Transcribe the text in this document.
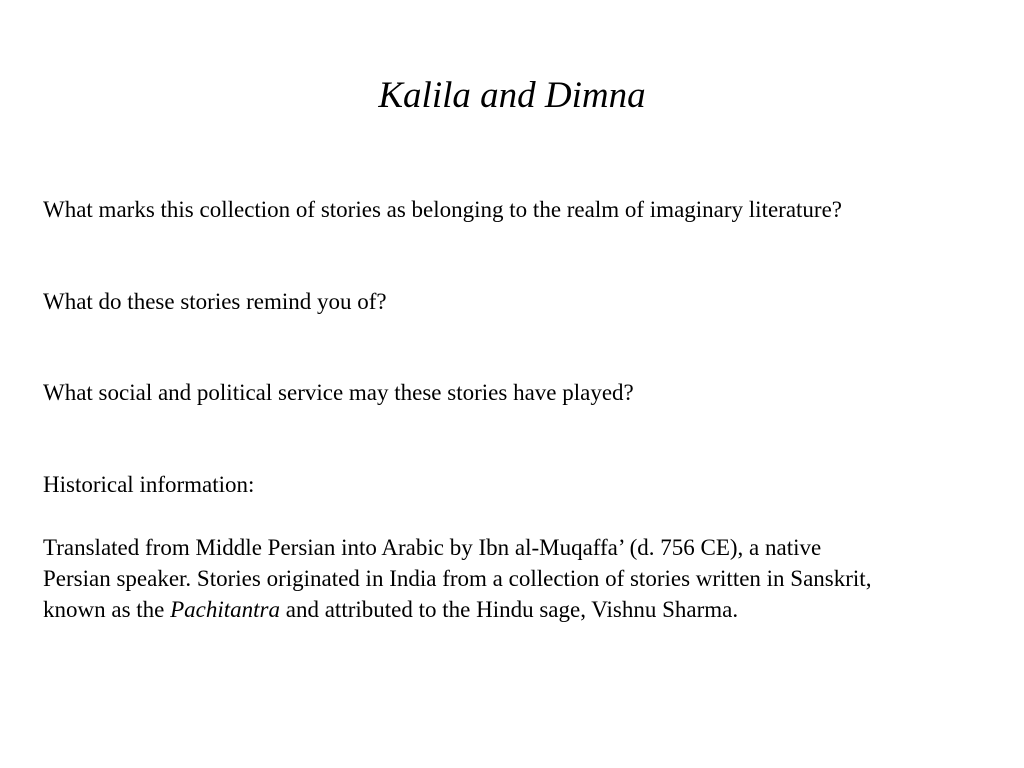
Kalila and Dimna

What marks this collection of stories as belonging to the realm of imaginary literature?

What do these stories remind you of?

What social and political service may these stories have played?

Historical information:

Translated from Middle Persian into Arabic by Ibn al-Muqaffa’ (d. 756 CE), a native
Persian speaker. Stories originated in India from a collection of stories written in Sanskrit,
known as the Pachitantra and attributed to the Hindu sage, Vishnu Sharma.
